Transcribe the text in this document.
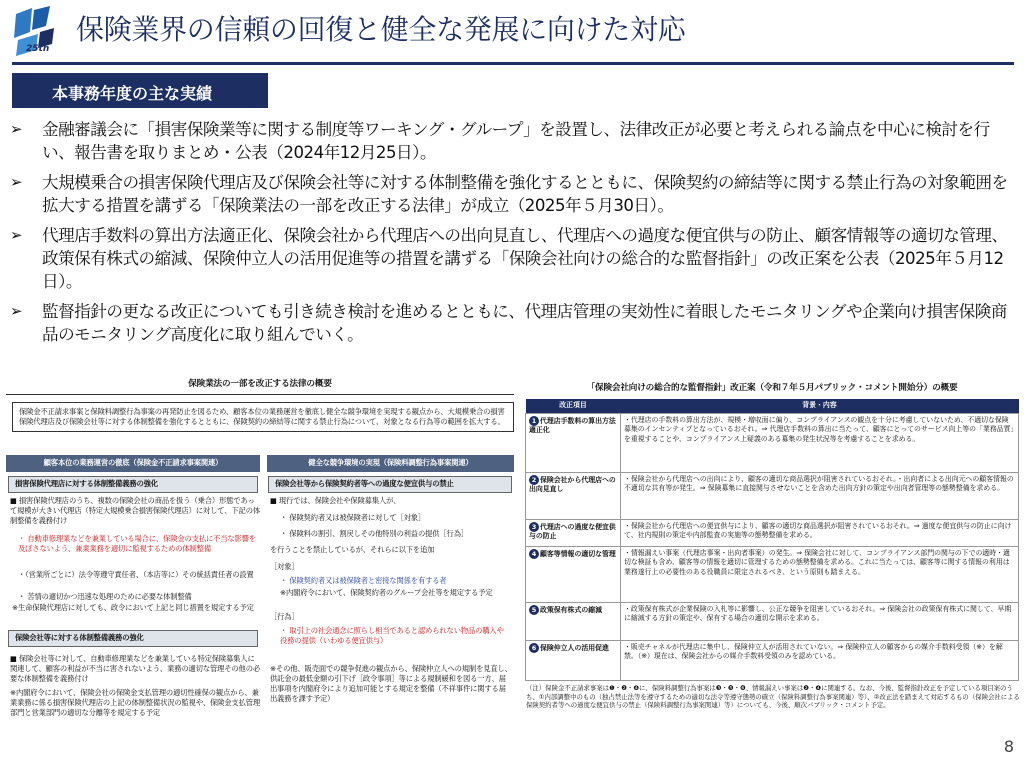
25th
保険業界の信頼の回復と健全な発展に向けた対応
本事務年度の主な実績
➢ 金融審議会に「損害保険業等に関する制度等ワーキング・グループ」を設置し、法律改正が必要と考えられる論点を中心に検討を行い、報告書を取りまとめ・公表（2024年12月25日）。
➢ 大規模乗合の損害保険代理店及び保険会社等に対する体制整備を強化するとともに、保険契約の締結等に関する禁止行為の対象範囲を拡大する措置を講ずる「保険業法の一部を改正する法律」が成立（2025年５月30日）。
➢ 代理店手数料の算出方法適正化、保険会社から代理店への出向見直し、代理店への過度な便宜供与の防止、顧客情報等の適切な管理、政策保有株式の縮減、保険仲立人の活用促進等の措置を講ずる「保険会社向けの総合的な監督指針」の改正案を公表（2025年５月12日）。
➢ 監督指針の更なる改正についても引き続き検討を進めるとともに、代理店管理の実効性に着眼したモニタリングや企業向け損害保険商品のモニタリング高度化に取り組んでいく。
保険業法の一部を改正する法律の概要
保険金不正請求事案と保険料調整行為事案の再発防止を図るため、顧客本位の業務運営を徹底し健全な競争環境を実現する観点から、大規模乗合の損害保険代理店及び保険会社等に対する体制整備を強化するとともに、保険契約の締結等に関する禁止行為について、対象となる行為等の範囲を拡大する。
顧客本位の業務運営の徹底（保険金不正請求事案関連）	健全な競争環境の実現（保険料調整行為事案関連）
損害保険代理店に対する体制整備義務の強化
■ 損害保険代理店のうち、複数の保険会社の商品を扱う（乗合）形態であって規模が大きい代理店（特定大規模乗合損害保険代理店）に対して、下記の体制整備を義務付け
・ 自動車修理業などを兼業している場合に、保険金の支払に不当な影響を及ぼさないよう、兼業業務を適切に監視するための体制整備
・（営業所ごとに）法令等遵守責任者、（本店等に）その統括責任者の設置
・ 苦情の適切かつ迅速な処理のために必要な体制整備
※生命保険代理店に対しても、政令において上記と同じ措置を規定する予定
保険会社等に対する体制整備義務の強化
■ 保険会社等に対して、自動車修理業などを兼業している特定保険募集人に関連して、顧客の利益が不当に害されないよう、業務の適切な管理その他の必要な体制整備を義務付け
※内閣府令において、保険会社の保険金支払管理の適切性確保の観点から、兼業業務に係る損害保険代理店の上記の体制整備状況の監視や、保険金支払管理部門と営業部門の適切な分離等を規定する予定
保険会社等から保険契約者等への過度な便宜供与の禁止
■ 現行では、保険会社や保険募集人が、
・ 保険契約者又は被保険者に対して［対象］
・ 保険料の割引、割戻しその他特別の利益の提供［行為］
を行うことを禁止しているが、それらに以下を追加
［対象］
・ 保険契約者又は被保険者と密接な関係を有する者
※内閣府令において、保険契約者のグループ会社等を規定する予定
［行為］
・ 取引上の社会通念に照らし相当であると認められない物品の購入や役務の提供（いわゆる便宜供与）
※その他、販売面での競争促進の観点から、保険仲立人への規制を見直し、供託金の最低金額の引下げ［政令事項］等による規制緩和を図る一方、届出事項を内閣府令により追加可能とする規定を整備（不祥事件に関する届出義務を課す予定）
「保険会社向けの総合的な監督指針」改正案（令和７年５月パブリック・コメント開始分）の概要
改正項目	背景・内容
1 代理店手数料の算出方法適正化	・代理店の手数料の算出方法が、規模・増収面に偏り、コンプライアンスの観点を十分に考慮していないため、不適切な保険募集のインセンティブとなっているおそれ。⇒ 代理店手数料の算出に当たって、顧客にとってのサービス向上等の「業務品質」を重視することや、コンプライアンス上疑義のある募集の発生状況等を考慮することを求める。
2 保険会社から代理店への出向見直し	・保険会社から代理店への出向により、顧客の適切な商品選択が阻害されているおそれ。・出向者による出向元への顧客情報の不適切な共有等が発生。⇒ 保険募集に直接関与させないことを含めた出向方針の策定や出向者管理等の態勢整備を求める。
3 代理店への過度な便宜供与の防止	・保険会社から代理店への便宜供与により、顧客の適切な商品選択が阻害されているおそれ。⇒ 過度な便宜供与の防止に向けて、社内規則の策定や内部監査の実施等の態勢整備を求める。
4 顧客等情報の適切な管理	・情報漏えい事案（代理店事案・出向者事案）の発生。⇒ 保険会社に対して、コンプライアンス部門の関与の下での適時・適切な検証も含め、顧客等の情報を適切に管理するための態勢整備を求める。これに当たっては、顧客等に関する情報の利用は業務遂行上の必要性のある役職員に限定されるべき、という原則も踏まえる。
5 政策保有株式の縮減	・政策保有株式が企業保険の入札等に影響し、公正な競争を阻害しているおそれ。⇒ 保険会社の政策保有株式に関して、早期に縮減する方針の策定や、保有する場合の適切な開示を求める。
6 保険仲立人の活用促進	・販売チャネルが代理店に集中し、保険仲立人が活用されていない。⇒ 保険仲立人の顧客からの媒介手数料受領（※）を解禁。（※）現在は、保険会社からの媒介手数料受領のみを認めている。
（注）保険金不正請求事案は❶・❷・❹に、保険料調整行為事案は❸・❺・❻、情報漏えい事案は❷・❹に関連する。なお、今後、監督指針改正を予定している項目案のうち、①内部調整中のもの（独占禁止法等を遵守するための適切な法令等遵守態勢の確立（保険料調整行為事案関連）等）、②改正法を踏まえて対応するもの（保険会社による保険契約者等への過度な便宜供与の禁止（保険料調整行為事案関連）等）についても、今後、順次パブリック・コメント予定。
8
